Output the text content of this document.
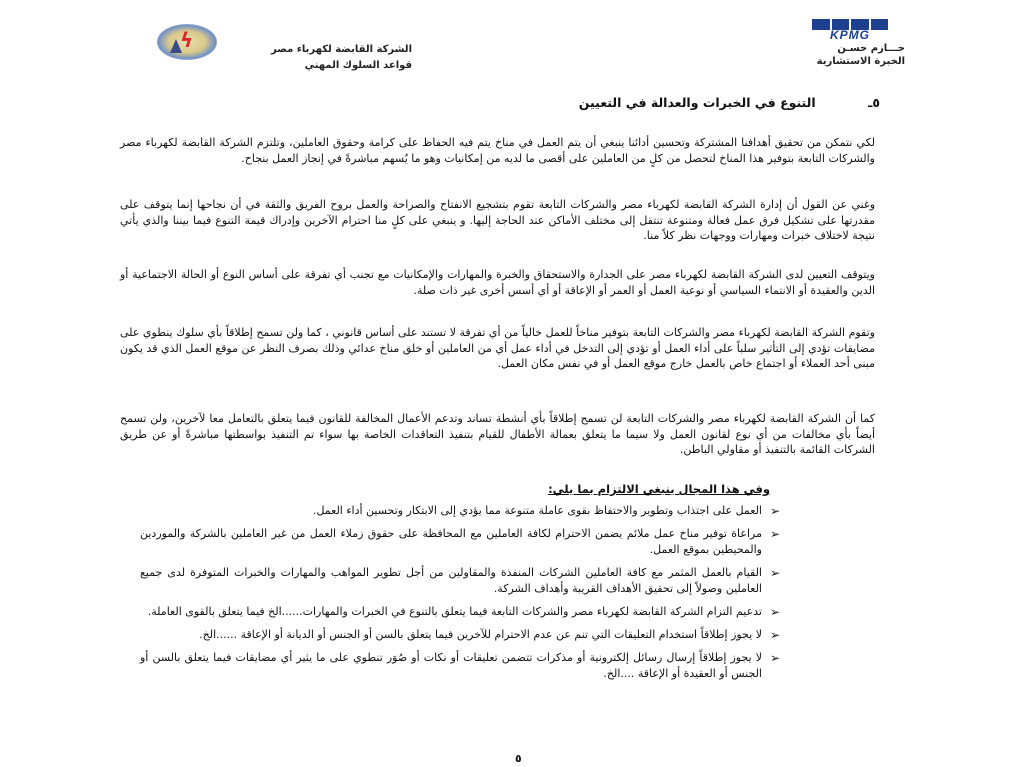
KPMG
حـــازم حسـن
الخبرة الاستشارية
ϟ	الشركة القابضة لكهرباء مصر
قواعد السلوك المهني
٥ـ التنوع في الخبرات والعدالة في التعيين

لكي نتمكن من تحقيق أهدافنا المشتركة وتحسين أدائنا ينبغي أن يتم العمل في مناخ يتم فيه الحفاظ على كرامة وحقوق العاملين، وتلتزم الشركة القابضة لكهرباء مصر والشركات التابعة بتوفير هذا المناخ لتحصل من كلٍ من العاملين على أقصى ما لديه من إمكانيات وهو ما يُسهم مباشرةً في إنجاز العمل بنجاح.

وغني عن القول أن إدارة الشركة القابضة لكهرباء مصر والشركات التابعة تقوم بتشجيع الانفتاح والصراحة والعمل بروح الفريق والثقة في أن نجاحها إنما يتوقف على مقدرتها على تشكيل فرق عمل فعالة ومتنوعة تنتقل إلى مختلف الأماكن عند الحاجة إليها. و ينبغي على كلٍ منا احترام الآخرين وإدراك قيمة التنوع فيما بيننا والذي يأتي نتيجة لاختلاف خبرات ومهارات ووجهات نظر كلاً منا.

ويتوقف التعيين لدى الشركة القابضة لكهرباء مصر على الجدارة والاستحقاق والخبرة والمهارات والإمكانيات مع تجنب أي تفرقة على أساس النوع أو الحالة الاجتماعية أو الدين والعقيدة أو الانتماء السياسي أو نوعية العمل أو العمر أو الإعاقة أو أي أسس أخرى غير ذات صلة.

وتقوم الشركة القابضة لكهرباء مصر والشركات التابعة بتوفير مناخاً للعمل خالياً من أي تفرقة لا تستند على أساس قانوني ، كما ولن تسمح إطلاقاً بأي سلوك ينطوي على مضايقات تؤدي إلى التأثير سلباً على أداء العمل أو تؤدي إلى التدخل في أداء عمل أي من العاملين أو خلق مناخ عدائي وذلك بصرف النظر عن موقع العمل الذي قد يكون مبنى أحد العملاء أو اجتماع خاص بالعمل خارج موقع العمل أو في نفس مكان العمل.

كما أن الشركة القابضة لكهرباء مصر والشركات التابعة لن تسمح إطلاقاً بأي أنشطة تساند وتدعم الأعمال المخالفة للقانون فيما يتعلق بالتعامل معا لآخرين، ولن تسمح أيضاً بأي مخالفات من أي نوع لقانون العمل ولا سيما ما يتعلق بعمالة الأطفال للقيام بتنفيذ التعاقدات الخاصة بها سواء تم التنفيذ بواسطتها مباشرةً أو عن طريق الشركات القائمة بالتنفيذ أو مقاولي الباطن.

وفي هذا المجال ينبغي الالتزام بما يلي:
➢
العمل على اجتذاب وتطوير والاحتفاظ بقوى عاملة متنوعة مما يؤدي إلى الابتكار وتحسين أداء العمل.
➢
مراعاة توفير مناخ عمل ملائم يضمن الاحترام لكافة العاملين مع المحافظة على حقوق زملاء العمل من غير العاملين بالشركة والموردين والمحيطين بموقع العمل.
➢
القيام بالعمل المثمر مع كافة العاملين الشركات المنفذة والمقاولين من أجل تطوير المواهب والمهارات والخبرات المتوفرة لدى جميع العاملين وصولاً إلى تحقيق الأهداف القريبة وأهداف الشركة.
➢
تدعيم التزام الشركة القابضة لكهرباء مصر والشركات التابعة فيما يتعلق بالتنوع في الخبرات والمهارات......الخ فيما يتعلق بالقوى العاملة.
➢
لا يجوز إطلاقاً استخدام التعليقات التي تنم عن عدم الاحترام للآخرين فيما يتعلق بالسن أو الجنس أو الديانة أو الإعاقة ......الخ.
➢
لا يجوز إطلاقاً إرسال رسائل إلكترونية أو مذكرات تتضمن تعليقات أو نكات أو صُوَر تنطوي على ما يثير أي مضايقات فيما يتعلق بالسن أو الجنس أو العقيدة أو الإعاقة ....الخ.
٥
